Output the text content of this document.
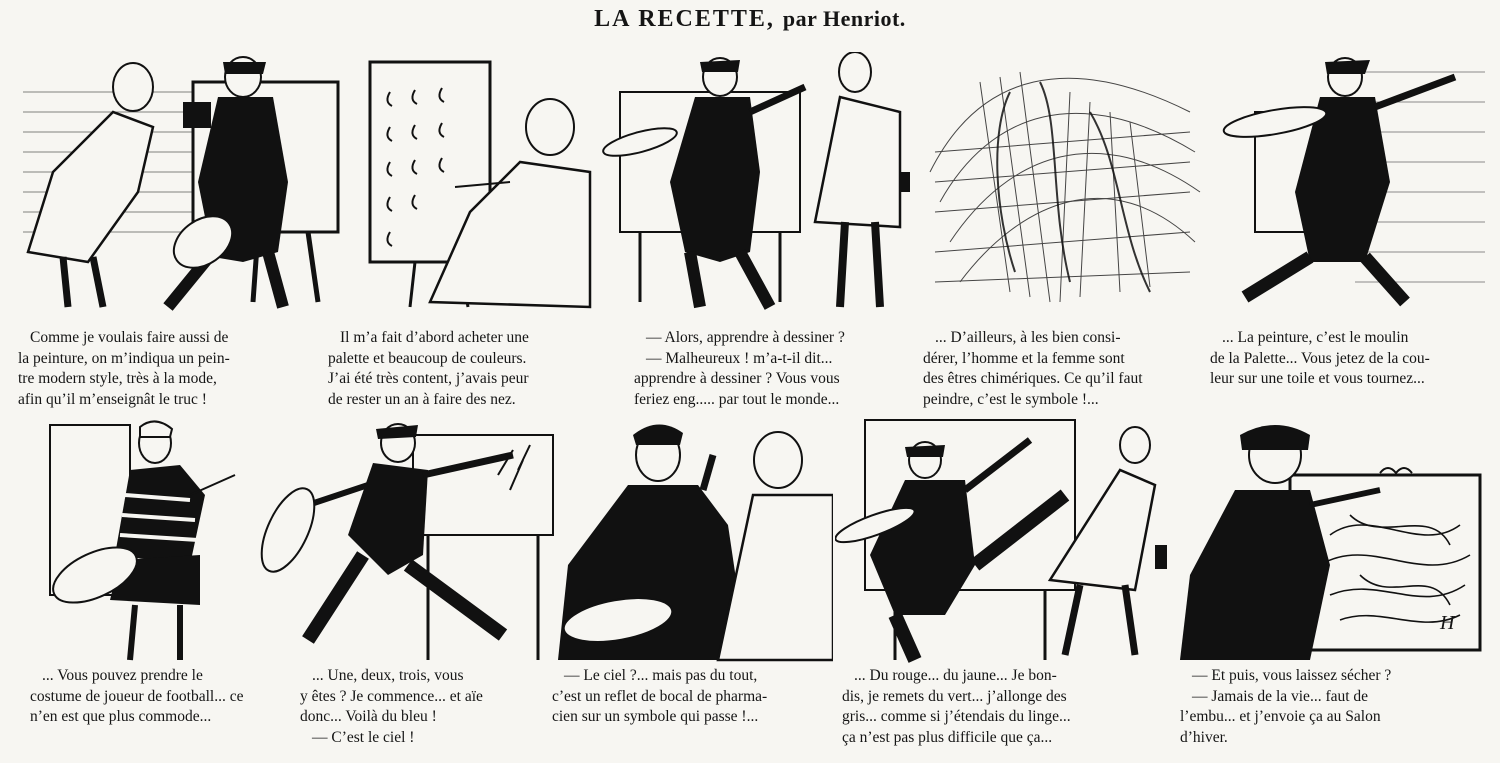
LA RECETTE, par Henriot.
Comme je voulais faire aussi de
la peinture, on m’indiqua un pein-
tre modern style, très à la mode,
afin qu’il m’enseignât le truc !
Il m’a fait d’abord acheter une
palette et beaucoup de couleurs.
J’ai été très content, j’avais peur
de rester un an à faire des nez.
— Alors, apprendre à dessiner ?
— Malheureux ! m’a-t-il dit...
apprendre à dessiner ? Vous vous
feriez eng..... par tout le monde...
... D’ailleurs, à les bien consi-
dérer, l’homme et la femme sont
des êtres chimériques. Ce qu’il faut
peindre, c’est le symbole !...
... La peinture, c’est le moulin
de la Palette... Vous jetez de la cou-
leur sur une toile et vous tournez...
H
... Vous pouvez prendre le
costume de joueur de football... ce
n’en est que plus commode...
... Une, deux, trois, vous
y êtes ? Je commence... et aïe
donc... Voilà du bleu !
— C’est le ciel !
— Le ciel ?... mais pas du tout,
c’est un reflet de bocal de pharma-
cien sur un symbole qui passe !...
... Du rouge... du jaune... Je bon-
dis, je remets du vert... j’allonge des
gris... comme si j’étendais du linge...
ça n’est pas plus difficile que ça...
— Et puis, vous laissez sécher ?
— Jamais de la vie... faut de
l’embu... et j’envoie ça au Salon
d’hiver.
